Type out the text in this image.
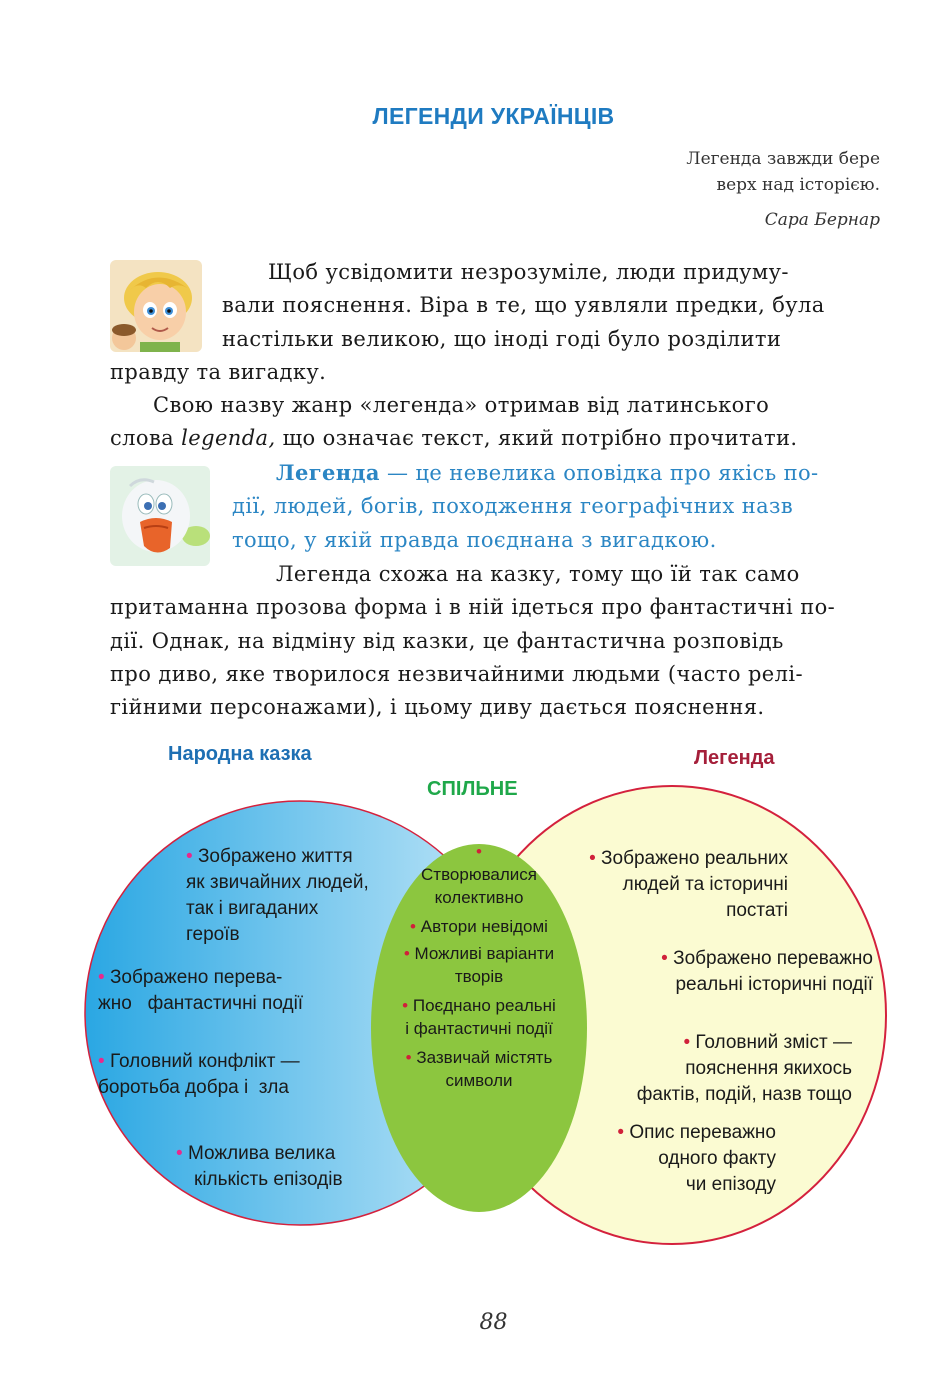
ЛЕГЕНДИ УКРАЇНЦІВ
Легенда завжди бере
верх над історією.
Сара Бернар
Щоб усвідомити незрозуміле, люди придуму-
вали пояснення. Віра в те, що уявляли предки, була
настільки великою, що іноді годі було розділити
правду та вигадку.
Свою назву жанр «легенда» отримав від латинського
слова legenda, що означає текст, який потрібно прочитати.
Легенда — це невелика оповідка про якісь по-
дії, людей, богів, походження географічних назв
тощо, у якій правда поєднана з вигадкою.
Легенда схожа на казку, тому що їй так само
притаманна прозова форма і в ній ідеться про фантастичні по-
дії. Однак, на відміну від казки, це фантастична розповідь
про диво, яке творилося незвичайними людьми (часто релі-
гійними персонажами), і цьому диву дається пояснення.
Народна казка	Легенда
СПІЛЬНЕ
• Зображено життя
як звичайних людей,
так і вигаданих
героїв
• Зображено перева-
жно   фантастичні події
• Головний конфлікт —
боротьба добра і  зла
• Можлива велика
кількість епізодів
•
Створювалися
колективно
• Автори невідомі
• Можливі варіанти
творів
• Поєднано реальні
і фантастичні події
• Зазвичай містять
символи
• Зображено реальних
людей та історичні
постаті
• Зображено переважно
реальні історичні події
• Головний зміст —
пояснення якихось
фактів, подій, назв тощо
• Опис переважно
одного факту
чи епізоду
88
